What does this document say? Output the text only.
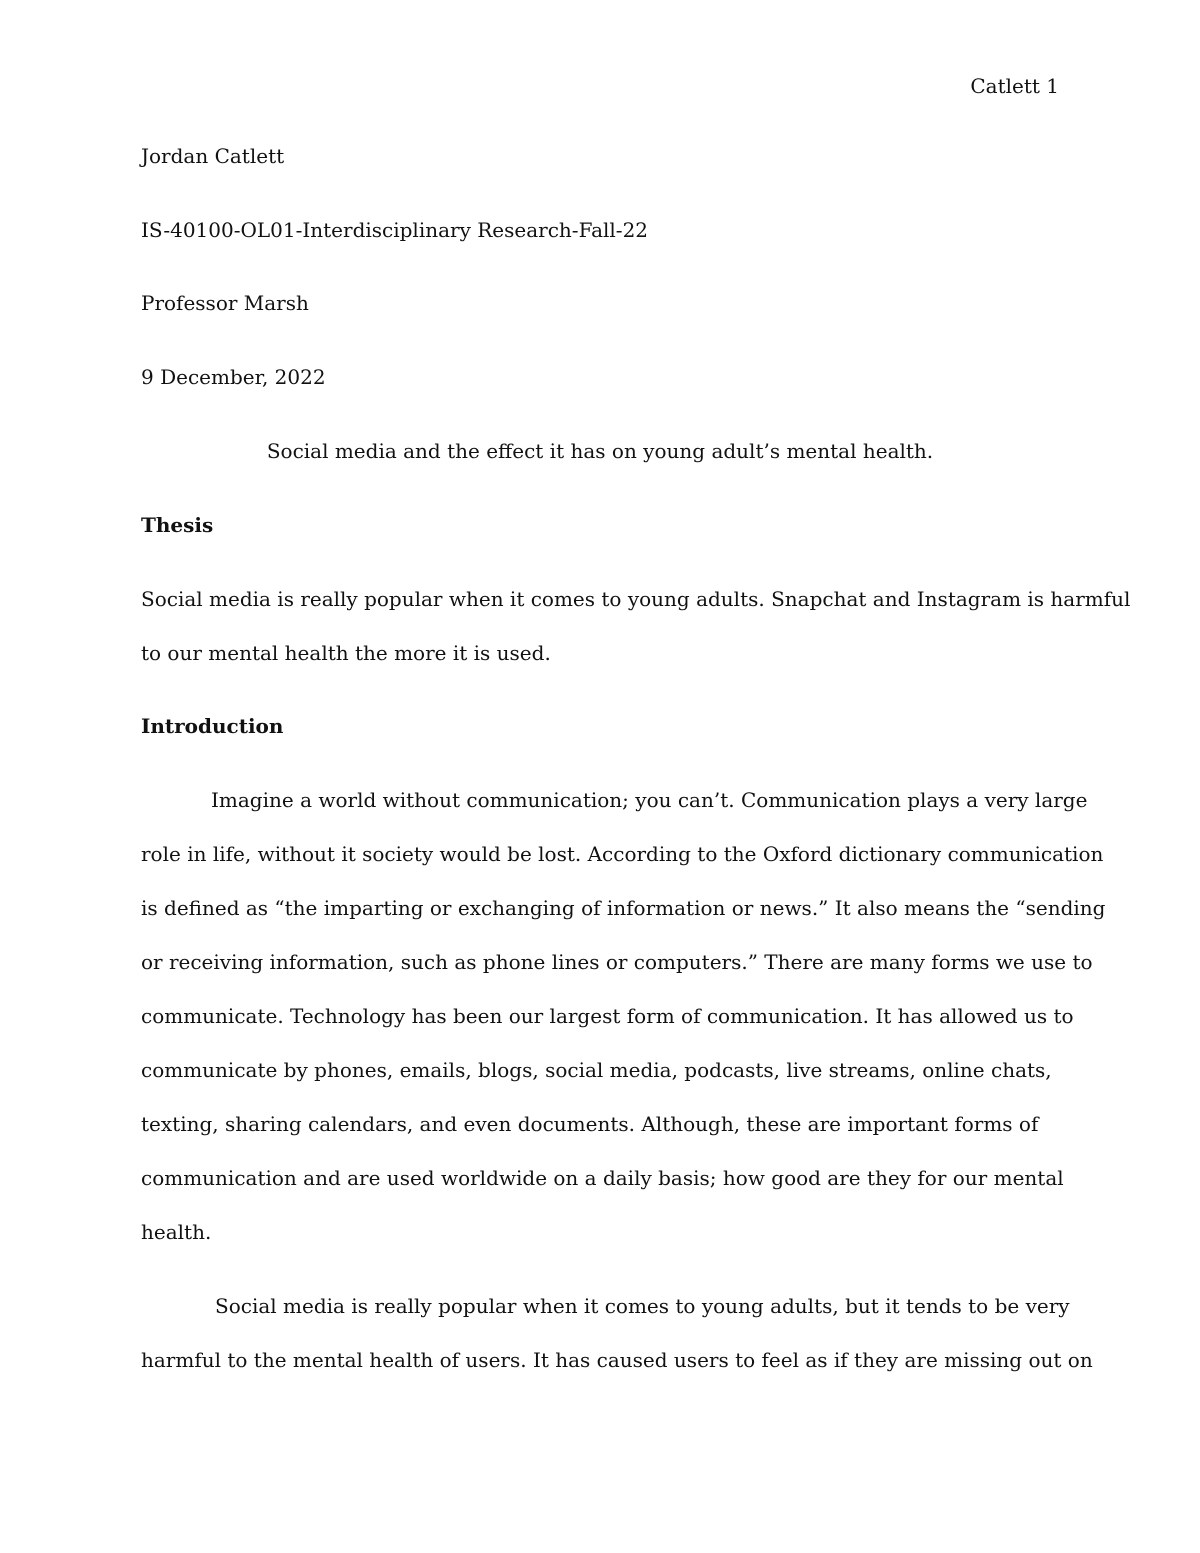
Catlett 1
Jordan Catlett
IS-40100-OL01-Interdisciplinary Research-Fall-22
Professor Marsh
9 December, 2022
Social media and the effect it has on young adult’s mental health.
Thesis
Social media is really popular when it comes to young adults. Snapchat and Instagram is harmful
to our mental health the more it is used.
Introduction
Imagine a world without communication; you can’t. Communication plays a very large
role in life, without it society would be lost. According to the Oxford dictionary communication
is defined as “the imparting or exchanging of information or news.” It also means the “sending
or receiving information, such as phone lines or computers.” There are many forms we use to
communicate. Technology has been our largest form of communication. It has allowed us to
communicate by phones, emails, blogs, social media, podcasts, live streams, online chats,
texting, sharing calendars, and even documents. Although, these are important forms of
communication and are used worldwide on a daily basis; how good are they for our mental
health.
Social media is really popular when it comes to young adults, but it tends to be very
harmful to the mental health of users. It has caused users to feel as if they are missing out on
